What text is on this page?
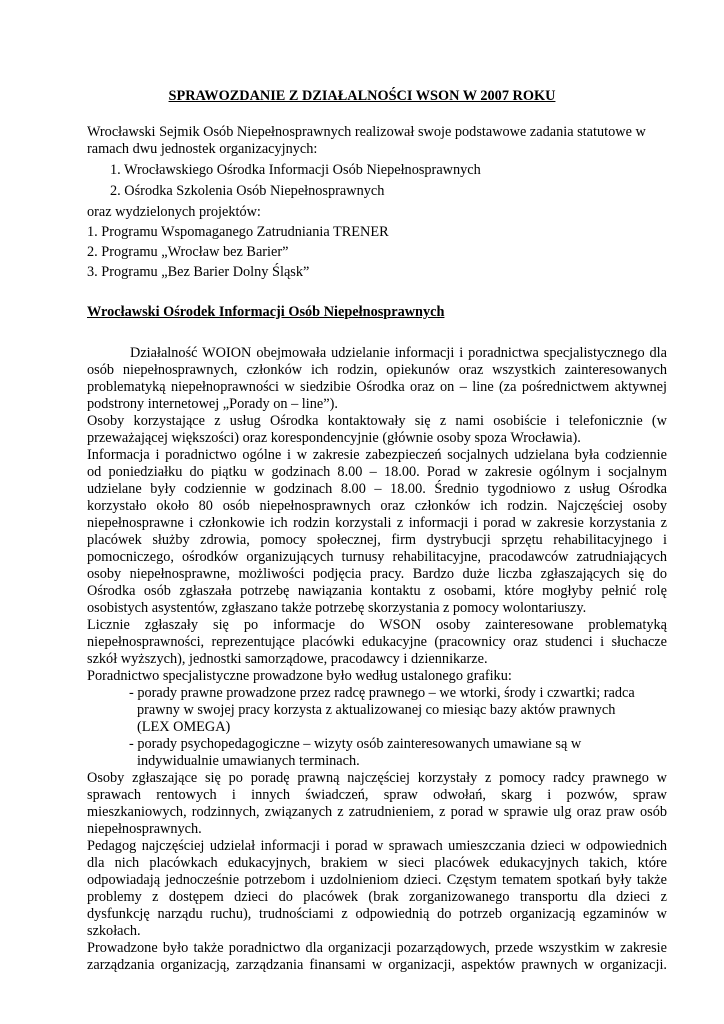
SPRAWOZDANIE Z DZIAŁALNOŚCI WSON W 2007 ROKU

Wrocławski Sejmik Osób Niepełnosprawnych realizował swoje podstawowe zadania statutowe w

ramach dwu jednostek organizacyjnych:

1. Wrocławskiego Ośrodka Informacji Osób Niepełnosprawnych

2. Ośrodka Szkolenia Osób Niepełnosprawnych

oraz wydzielonych projektów:

1. Programu Wspomaganego Zatrudniania TRENER

2. Programu „Wrocław bez Barier”

3. Programu „Bez Barier Dolny Śląsk”

Wrocławski Ośrodek Informacji Osób Niepełnosprawnych

Działalność WOION obejmowała udzielanie informacji i poradnictwa specjalistycznego dla

osób niepełnosprawnych, członków ich rodzin, opiekunów oraz wszystkich zainteresowanych

problematyką niepełnoprawności w siedzibie Ośrodka oraz on – line (za pośrednictwem aktywnej

podstrony internetowej „Porady on – line”).

Osoby korzystające z usług Ośrodka kontaktowały się z nami osobiście i telefonicznie (w

przeważającej większości) oraz korespondencyjnie (głównie osoby spoza Wrocławia).

Informacja i poradnictwo ogólne i w zakresie zabezpieczeń socjalnych udzielana była codziennie

od poniedziałku do piątku w godzinach 8.00 – 18.00. Porad w zakresie ogólnym i socjalnym

udzielane były codziennie w godzinach 8.00 – 18.00. Średnio tygodniowo z usług Ośrodka

korzystało około 80 osób niepełnosprawnych oraz członków ich rodzin. Najczęściej osoby

niepełnosprawne i członkowie ich rodzin korzystali z informacji i porad w zakresie korzystania z

placówek służby zdrowia, pomocy społecznej, firm dystrybucji sprzętu rehabilitacyjnego i

pomocniczego, ośrodków organizujących turnusy rehabilitacyjne, pracodawców zatrudniających

osoby niepełnosprawne, możliwości podjęcia pracy. Bardzo duże liczba zgłaszających się do

Ośrodka osób zgłaszała potrzebę nawiązania kontaktu z osobami, które mogłyby pełnić rolę

osobistych asystentów, zgłaszano także potrzebę skorzystania z pomocy wolontariuszy.

Licznie zgłaszały się po informacje do WSON osoby zainteresowane problematyką

niepełnosprawności, reprezentujące placówki edukacyjne (pracownicy oraz studenci i słuchacze

szkół wyższych), jednostki samorządowe, pracodawcy i dziennikarze.

Poradnictwo specjalistyczne prowadzone było według ustalonego grafiku:

- porady prawne prowadzone przez radcę prawnego – we wtorki, środy i czwartki; radca

prawny w swojej pracy korzysta z aktualizowanej co miesiąc bazy aktów prawnych

(LEX OMEGA)

- porady psychopedagogiczne – wizyty osób zainteresowanych umawiane są w

indywidualnie umawianych terminach.

Osoby zgłaszające się po poradę prawną najczęściej korzystały z pomocy radcy prawnego w

sprawach rentowych i innych świadczeń, spraw odwołań, skarg i pozwów, spraw

mieszkaniowych, rodzinnych, związanych z zatrudnieniem, z porad w sprawie ulg oraz praw osób

niepełnosprawnych.

Pedagog najczęściej udzielał informacji i porad w sprawach umieszczania dzieci w odpowiednich

dla nich placówkach edukacyjnych, brakiem w sieci placówek edukacyjnych takich, które

odpowiadają jednocześnie potrzebom i uzdolnieniom dzieci. Częstym tematem spotkań były także

problemy z dostępem dzieci do placówek (brak zorganizowanego transportu dla dzieci z

dysfunkcję narządu ruchu), trudnościami z odpowiednią do potrzeb organizacją egzaminów w

szkołach.

Prowadzone było także poradnictwo dla organizacji pozarządowych, przede wszystkim w zakresie

zarządzania organizacją, zarządzania finansami w organizacji, aspektów prawnych w organizacji.
